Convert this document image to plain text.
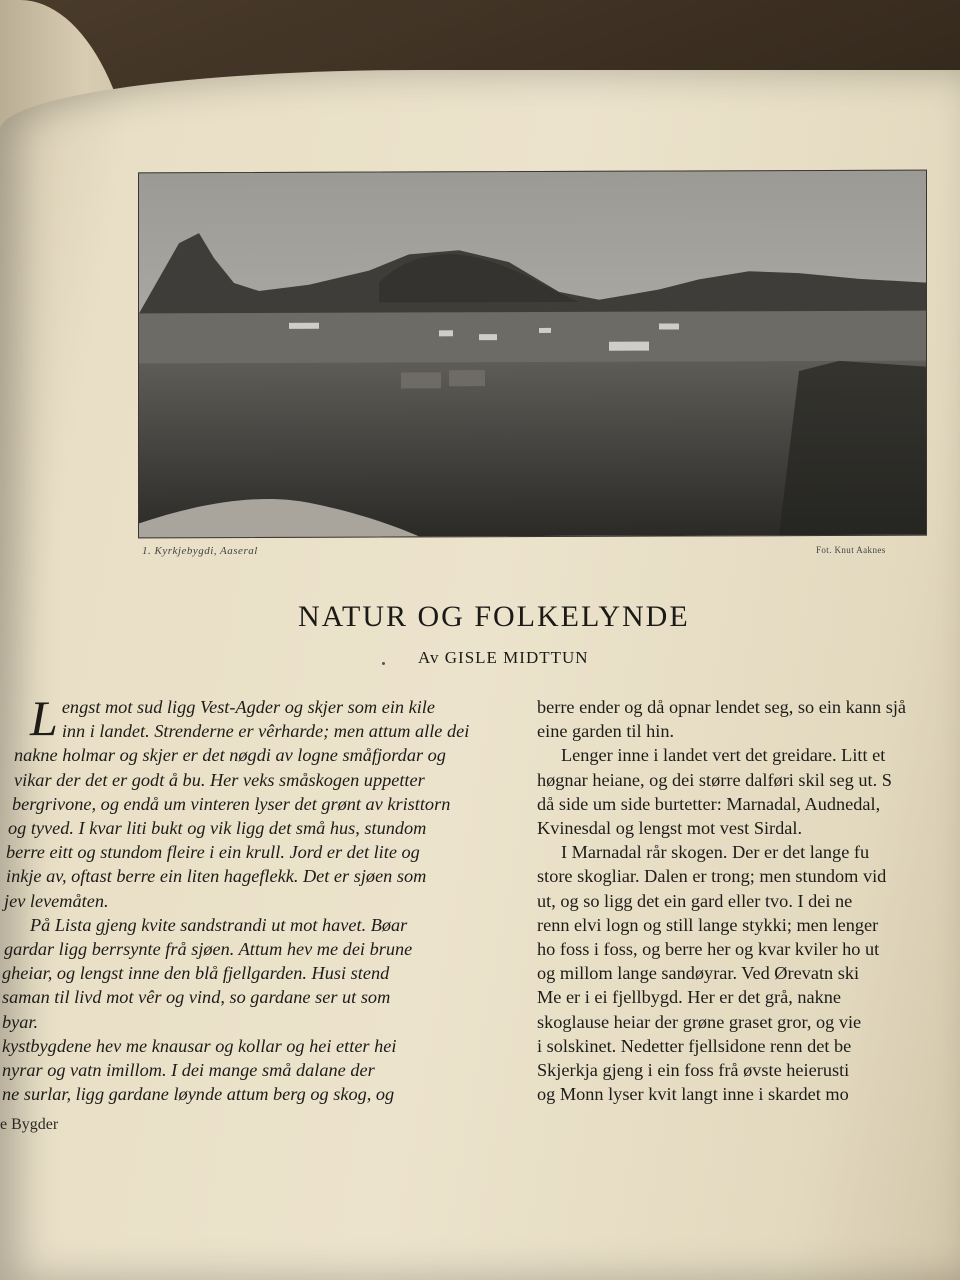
1. Kyrkjebygdi, Aaseral	Fot. Knut Aaknes
NATUR OG FOLKELYNDE
Av GISLE MIDTTUN
L engst mot sud ligg Vest-Agder og skjer som ein kile
inn i landet. Strenderne er vêrharde; men attum alle dei
nakne holmar og skjer er det nøgdi av logne småfjordar og
vikar der det er godt å bu. Her veks småskogen uppetter
bergrivone, og endå um vinteren lyser det grønt av kristtorn
og tyved. I kvar liti bukt og vik ligg det små hus, stundom
berre eitt og stundom fleire i ein krull. Jord er det lite og
inkje av, oftast berre ein liten hageflekk. Det er sjøen som
jev levemåten.
På Lista gjeng kvite sandstrandi ut mot havet. Bøar
gardar ligg berrsynte frå sjøen. Attum hev me dei brune
gheiar, og lengst inne den blå fjellgarden. Husi stend
saman til livd mot vêr og vind, so gardane ser ut som
byar.
kystbygdene hev me knausar og kollar og hei etter hei
nyrar og vatn imillom. I dei mange små dalane der
ne surlar, ligg gardane løynde attum berg og skog, og
berre ender og då opnar lendet seg, so ein kann sjå
eine garden til hin.
Lenger inne i landet vert det greidare. Litt et
høgnar heiane, og dei større dalføri skil seg ut. S
då side um side burtetter: Marnadal, Audnedal,
Kvinesdal og lengst mot vest Sirdal.
I Marnadal rår skogen. Der er det lange fu
store skogliar. Dalen er trong; men stundom vid
ut, og so ligg det ein gard eller tvo. I dei ne
renn elvi logn og still lange stykki; men lenger
ho foss i foss, og berre her og kvar kviler ho ut
og millom lange sandøyrar. Ved Ørevatn ski
Me er i ei fjellbygd. Her er det grå, nakne
skoglause heiar der grøne graset gror, og vie
i solskinet. Nedetter fjellsidone renn det be
Skjerkja gjeng i ein foss frå øvste heierusti
og Monn lyser kvit langt inne i skardet mo
e Bygder
